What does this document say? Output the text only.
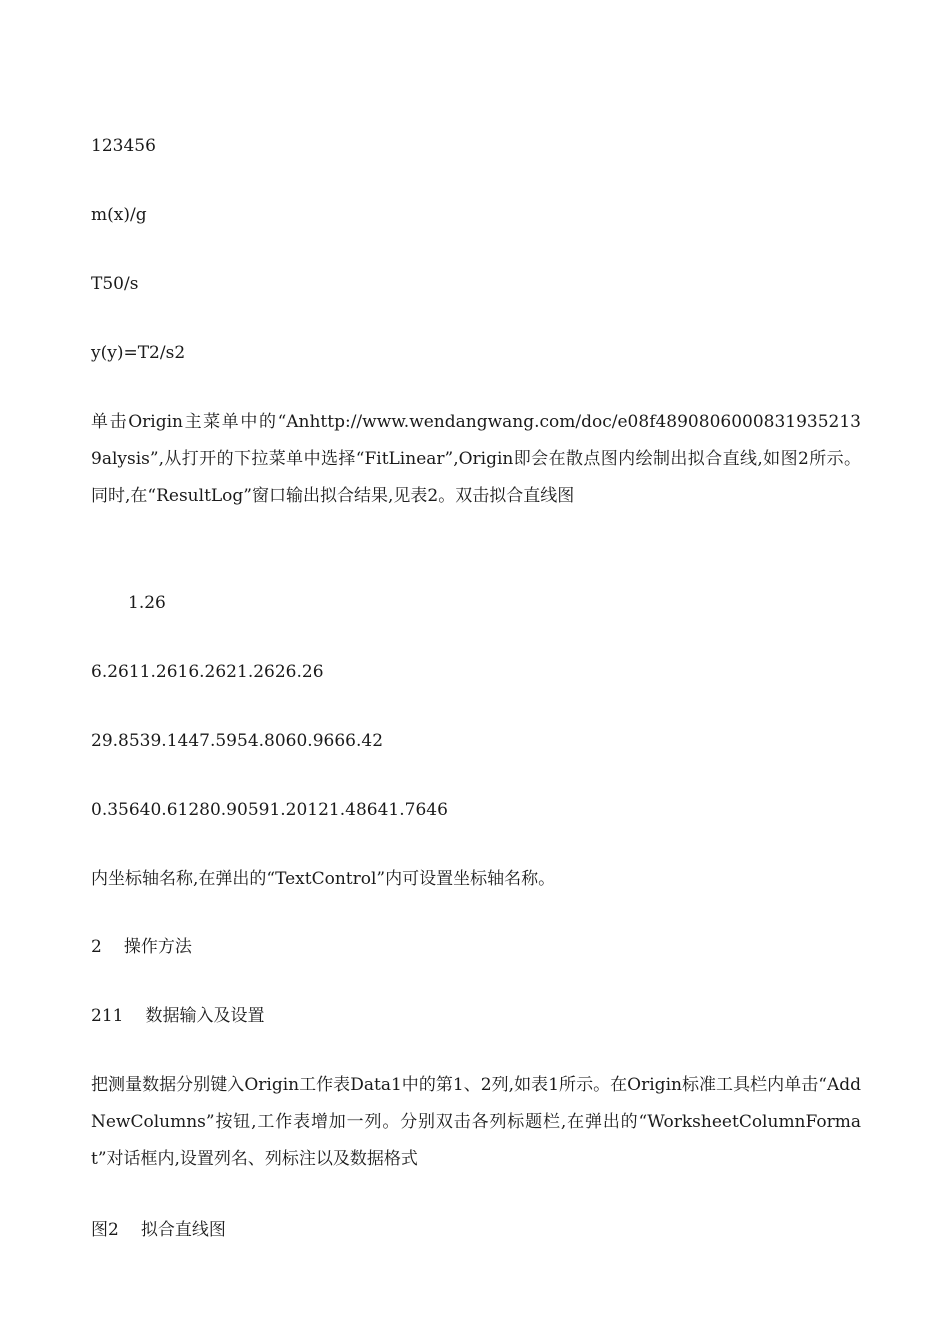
123456
m(x)/g
T50/s
y(y)=T2/s2
单击Origin主菜单中的“Anhttp://www.wendangwang.com/doc/e08f4890806000831935213 9alysis”,从打开的下拉菜单中选择“FitLinear”,Origin即会在散点图内绘制出拟合直线,如图2所示。同时,在“ResultLog”窗口输出拟合结果,见表2。双击拟合直线图
1.26
6.2611.2616.2621.2626.26
29.8539.1447.5954.8060.9666.42
0.35640.61280.90591.20121.48641.7646
内坐标轴名称,在弹出的“TextControl”内可设置坐标轴名称。
2 操作方法
211 数据输入及设置
把测量数据分别键入Origin工作表Data1中的第1、2列,如表1所示。在Origin标准工具栏内单击“AddNewColumns”按钮,工作表增加一列。分别双击各列标题栏,在弹出的“WorksheetColumnFormat”对话框内,设置列名、列标注以及数据格式
图2 拟合直线图
